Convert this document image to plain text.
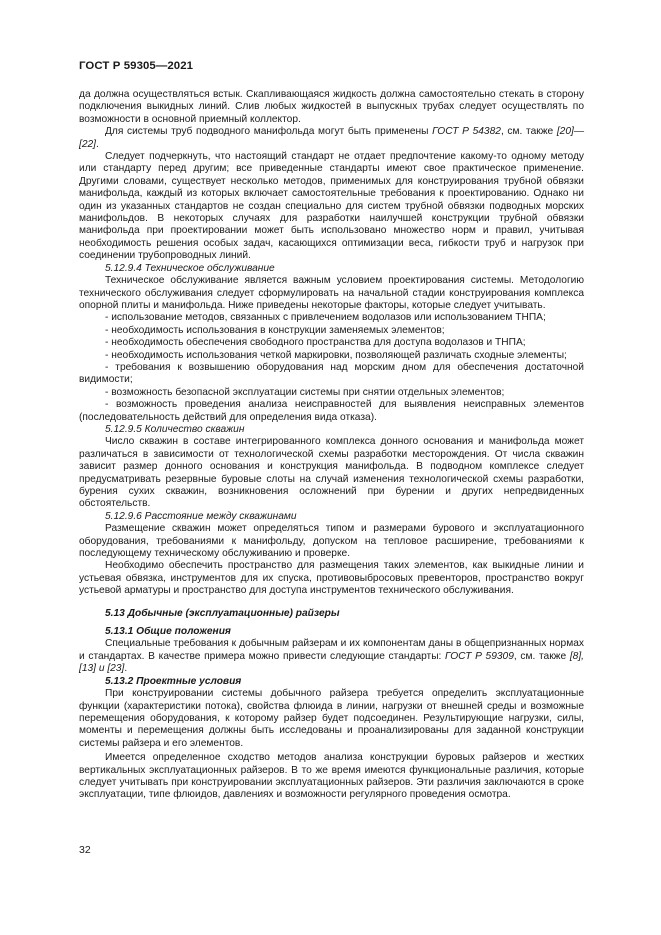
ГОСТ Р 59305—2021

да должна осуществляться встык. Скапливающаяся жидкость должна самостоятельно стекать в сторону подключения выкидных линий. Слив любых жидкостей в выпускных трубах следует осуществлять по возможности в основной приемный коллектор.

Для системы труб подводного манифольда могут быть применены ГОСТ Р 54382, см. также [20]—[22].

Следует подчеркнуть, что настоящий стандарт не отдает предпочтение какому-то одному методу или стандарту перед другим; все приведенные стандарты имеют свое практическое применение. Другими словами, существует несколько методов, применимых для конструирования трубной обвязки манифольда, каждый из которых включает самостоятельные требования к проектированию. Однако ни один из указанных стандартов не создан специально для систем трубной обвязки подводных морских манифольдов. В некоторых случаях для разработки наилучшей конструкции трубной обвязки манифольда при проектировании может быть использовано множество норм и правил, учитывая необходимость решения особых задач, касающихся оптимизации веса, гибкости труб и нагрузок при соединении трубопроводных линий.

5.12.9.4 Техническое обслуживание

Техническое обслуживание является важным условием проектирования системы. Методологию технического обслуживания следует сформулировать на начальной стадии конструирования комплекса опорной плиты и манифольда. Ниже приведены некоторые факторы, которые следует учитывать.

- использование методов, связанных с привлечением водолазов или использованием ТНПА;

- необходимость использования в конструкции заменяемых элементов;

- необходимость обеспечения свободного пространства для доступа водолазов и ТНПА;

- необходимость использования четкой маркировки, позволяющей различать сходные элементы;

- требования к возвышению оборудования над морским дном для обеспечения достаточной видимости;

- возможность безопасной эксплуатации системы при снятии отдельных элементов;

- возможность проведения анализа неисправностей для выявления неисправных элементов (последовательность действий для определения вида отказа).

5.12.9.5 Количество скважин

Число скважин в составе интегрированного комплекса донного основания и манифольда может различаться в зависимости от технологической схемы разработки месторождения. От числа скважин зависит размер донного основания и конструкция манифольда. В подводном комплексе следует предусматривать резервные буровые слоты на случай изменения технологической схемы разработки, бурения сухих скважин, возникновения осложнений при бурении и других непредвиденных обстоятельств.

5.12.9.6 Расстояние между скважинами

Размещение скважин может определяться типом и размерами бурового и эксплуатационного оборудования, требованиями к манифольду, допуском на тепловое расширение, требованиями к последующему техническому обслуживанию и проверке.

Необходимо обеспечить пространство для размещения таких элементов, как выкидные линии и устьевая обвязка, инструментов для их спуска, противовыбросовых превенторов, пространство вокруг устьевой арматуры и пространство для доступа инструментов технического обслуживания.

5.13 Добычные (эксплуатационные) райзеры

5.13.1 Общие положения

Специальные требования к добычным райзерам и их компонентам даны в общепризнанных нормах и стандартах. В качестве примера можно привести следующие стандарты: ГОСТ Р 59309, см. также [8], [13] и [23].

5.13.2 Проектные условия

При конструировании системы добычного райзера требуется определить эксплуатационные функции (характеристики потока), свойства флюида в линии, нагрузки от внешней среды и возможные перемещения оборудования, к которому райзер будет подсоединен. Результирующие нагрузки, силы, моменты и перемещения должны быть исследованы и проанализированы для заданной конструкции системы райзера и его элементов.

Имеется определенное сходство методов анализа конструкции буровых райзеров и жестких вертикальных эксплуатационных райзеров. В то же время имеются функциональные различия, которые следует учитывать при конструировании эксплуатационных райзеров. Эти различия заключаются в сроке эксплуатации, типе флюидов, давлениях и возможности регулярного проведения осмотра.

32
